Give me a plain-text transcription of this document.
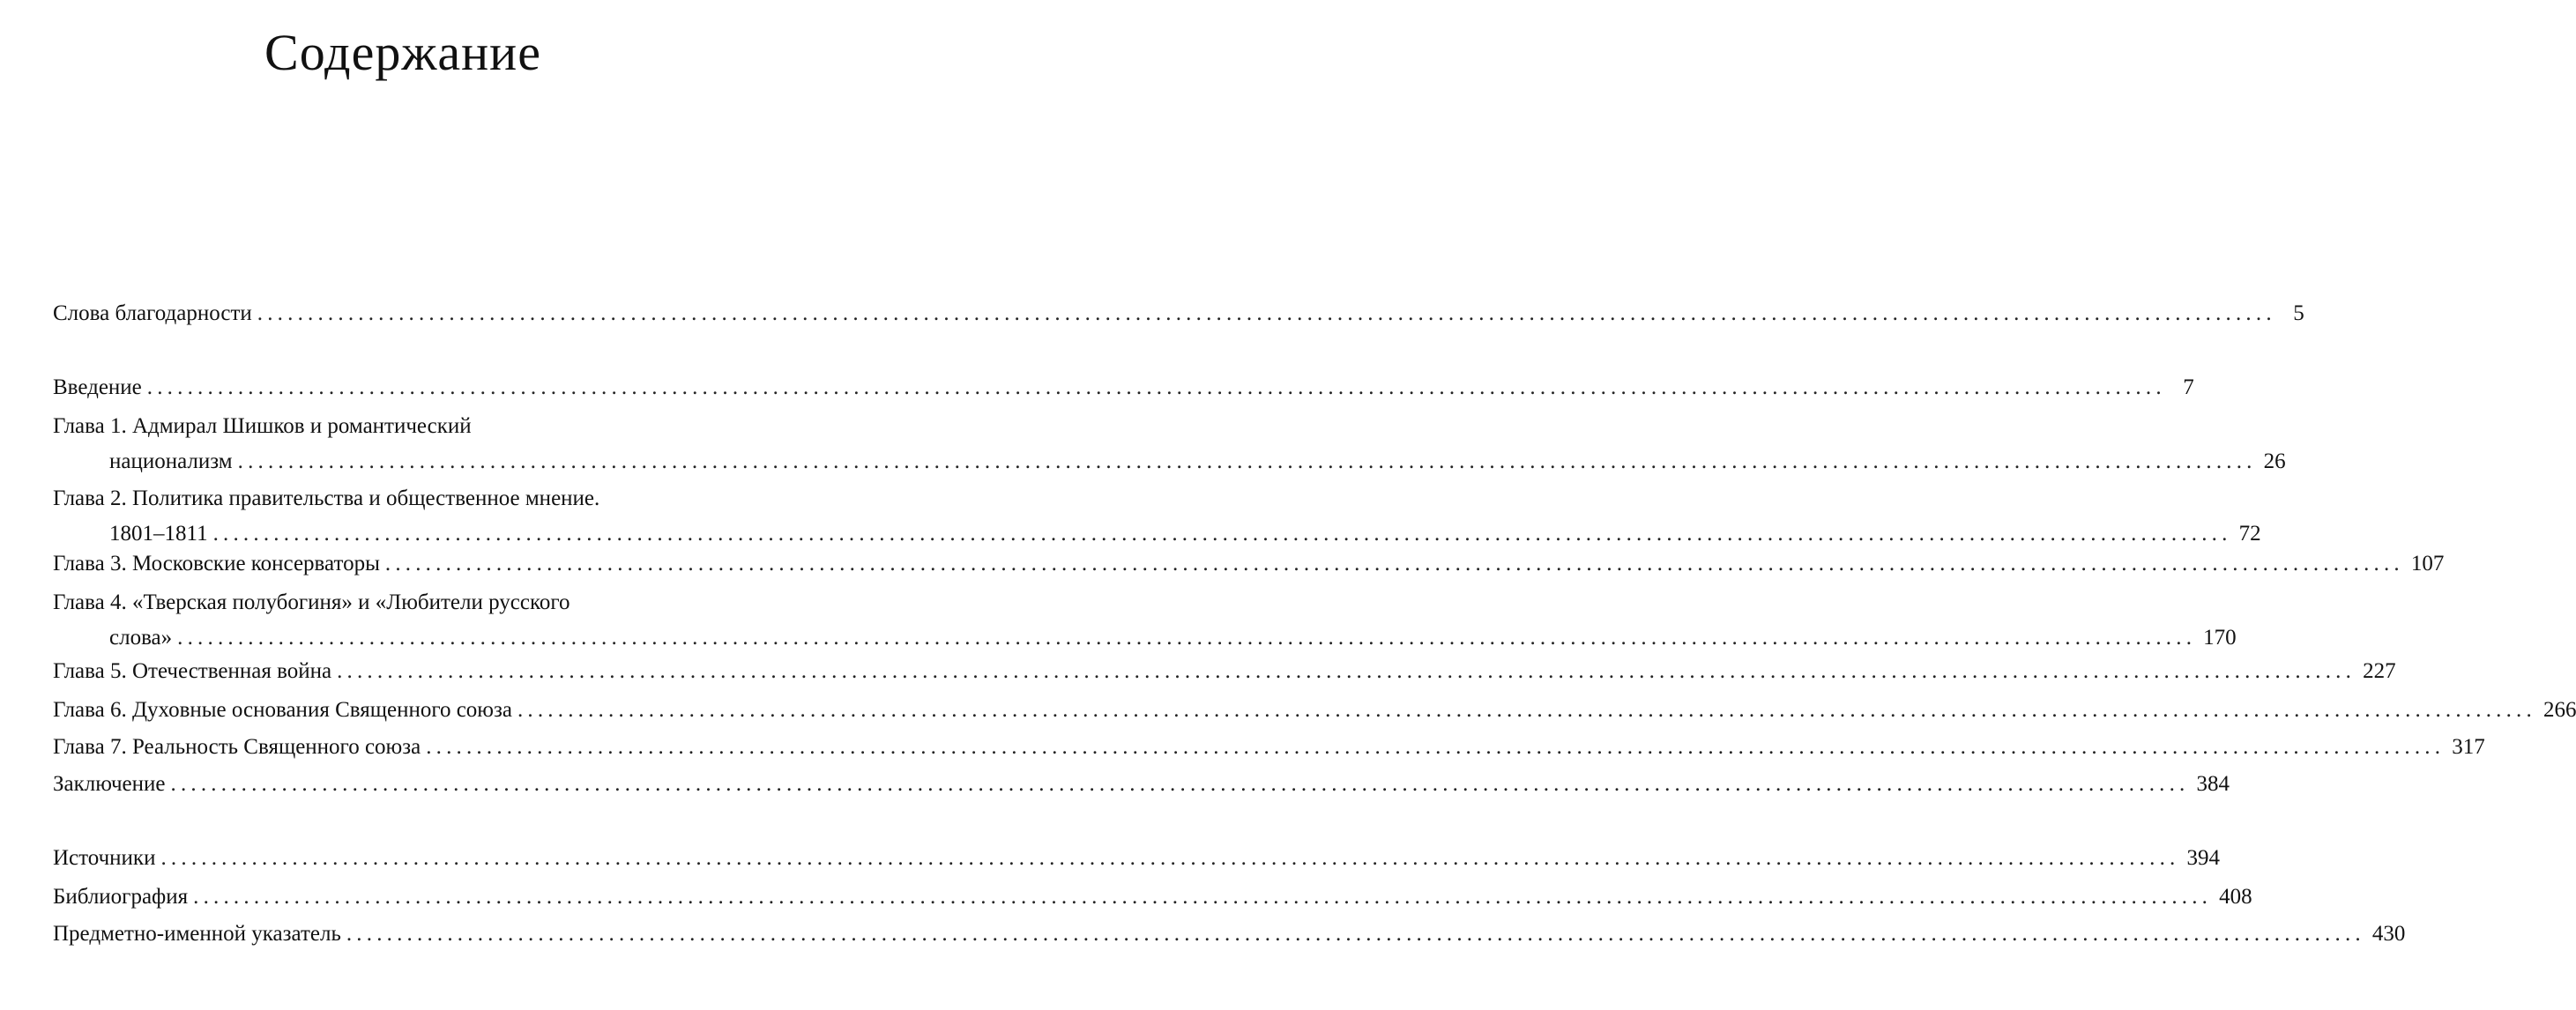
Содержание
Слова благодарности ........................................................................................................................................................................................................ 5
Введение ........................................................................................................................................................................................................ 7
Глава 1. Адмирал Шишков и романтический
национализм ........................................................................................................................................................................................................ 26
Глава 2. Политика правительства и общественное мнение.
1801–1811 ........................................................................................................................................................................................................ 72
Глава 3. Московские консерваторы ........................................................................................................................................................................................................ 107
Глава 4. «Тверская полубогиня» и «Любители русского
слова» ........................................................................................................................................................................................................ 170
Глава 5. Отечественная война ........................................................................................................................................................................................................ 227
Глава 6. Духовные основания Священного союза ........................................................................................................................................................................................................ 266
Глава 7. Реальность Священного союза ........................................................................................................................................................................................................ 317
Заключение ........................................................................................................................................................................................................ 384
Источники ........................................................................................................................................................................................................ 394
Библиография ........................................................................................................................................................................................................ 408
Предметно-именной указатель ........................................................................................................................................................................................................ 430
